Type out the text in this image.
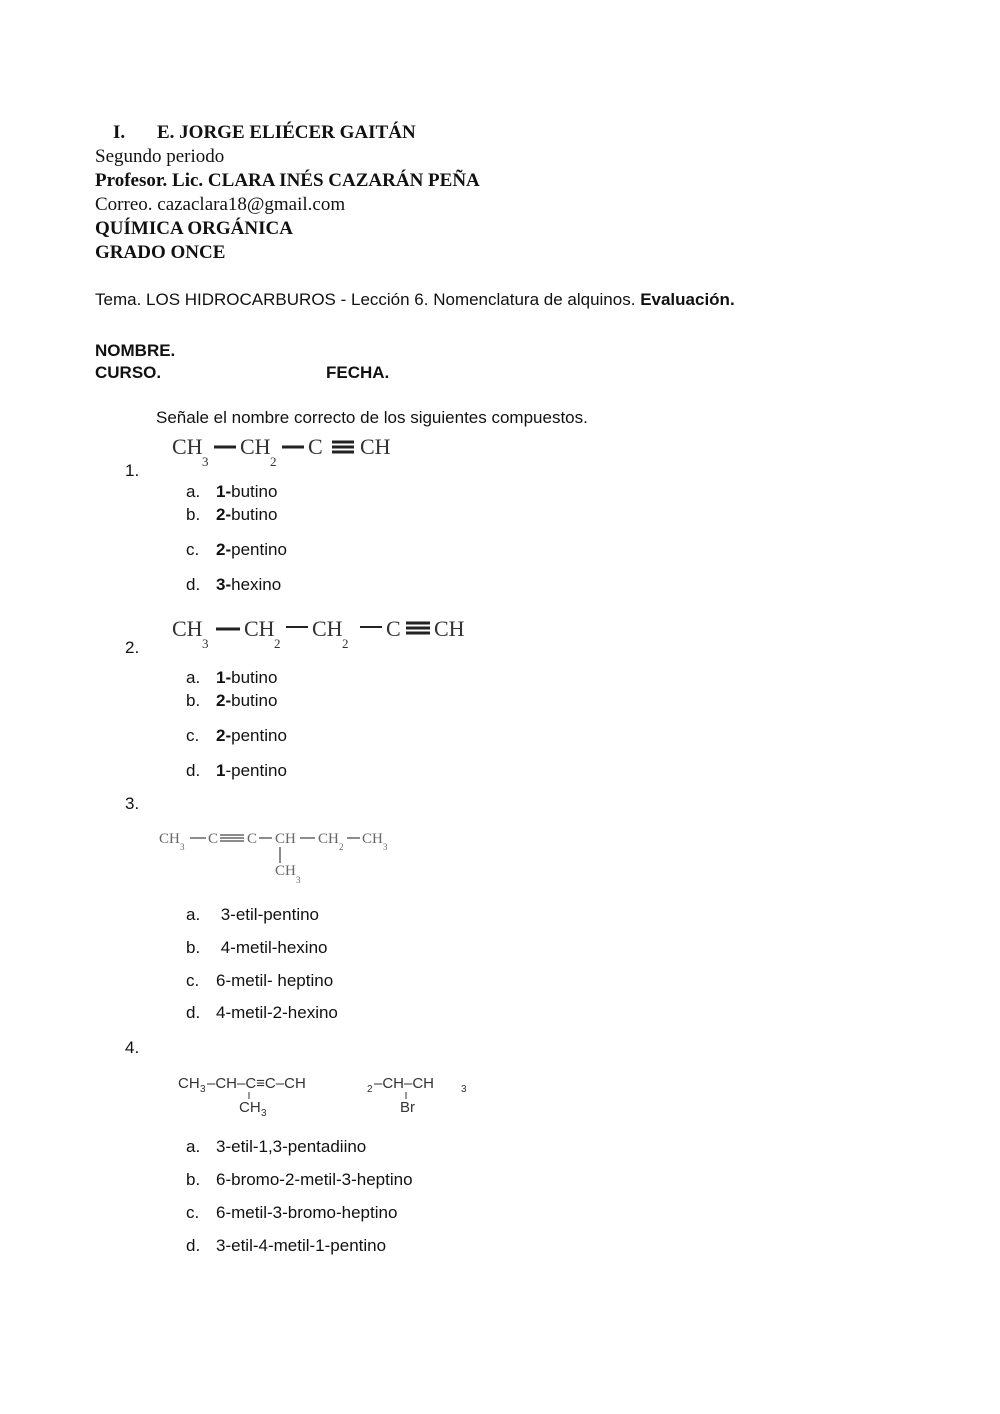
I. E. JORGE ELIÉCER GAITÁN
Segundo periodo
Profesor. Lic. CLARA INÉS CAZARÁN PEÑA
Correo. cazaclara18@gmail.com
QUÍMICA ORGÁNICA
GRADO ONCE
Tema. LOS HIDROCARBUROS - Lección 6. Nomenclatura de alquinos. Evaluación.
NOMBRE.
CURSO.	FECHA.
Señale el nombre correcto de los siguientes compuestos.
CH
3
CH
2
C CH
1.
a. 1-butino
b. 2-butino
c. 2-pentino
d. 3-hexino
CH
3
CH
2
CH
2
C CH
2.
a. 1-butino
b. 2-butino
c. 2-pentino
d. 1-pentino
3.
CH 3 C C CH CH 2 CH 3
CH
3
a. 3-etil-pentino
b. 4-metil-hexino
c. 6-metil- heptino
d. 4-metil-2-hexino
4.
CH 3 –CH–C≡C–CH	2 –CH–CH	3
CH 3	Br
a. 3-etil-1,3-pentadiino
b. 6-bromo-2-metil-3-heptino
c. 6-metil-3-bromo-heptino
d. 3-etil-4-metil-1-pentino
